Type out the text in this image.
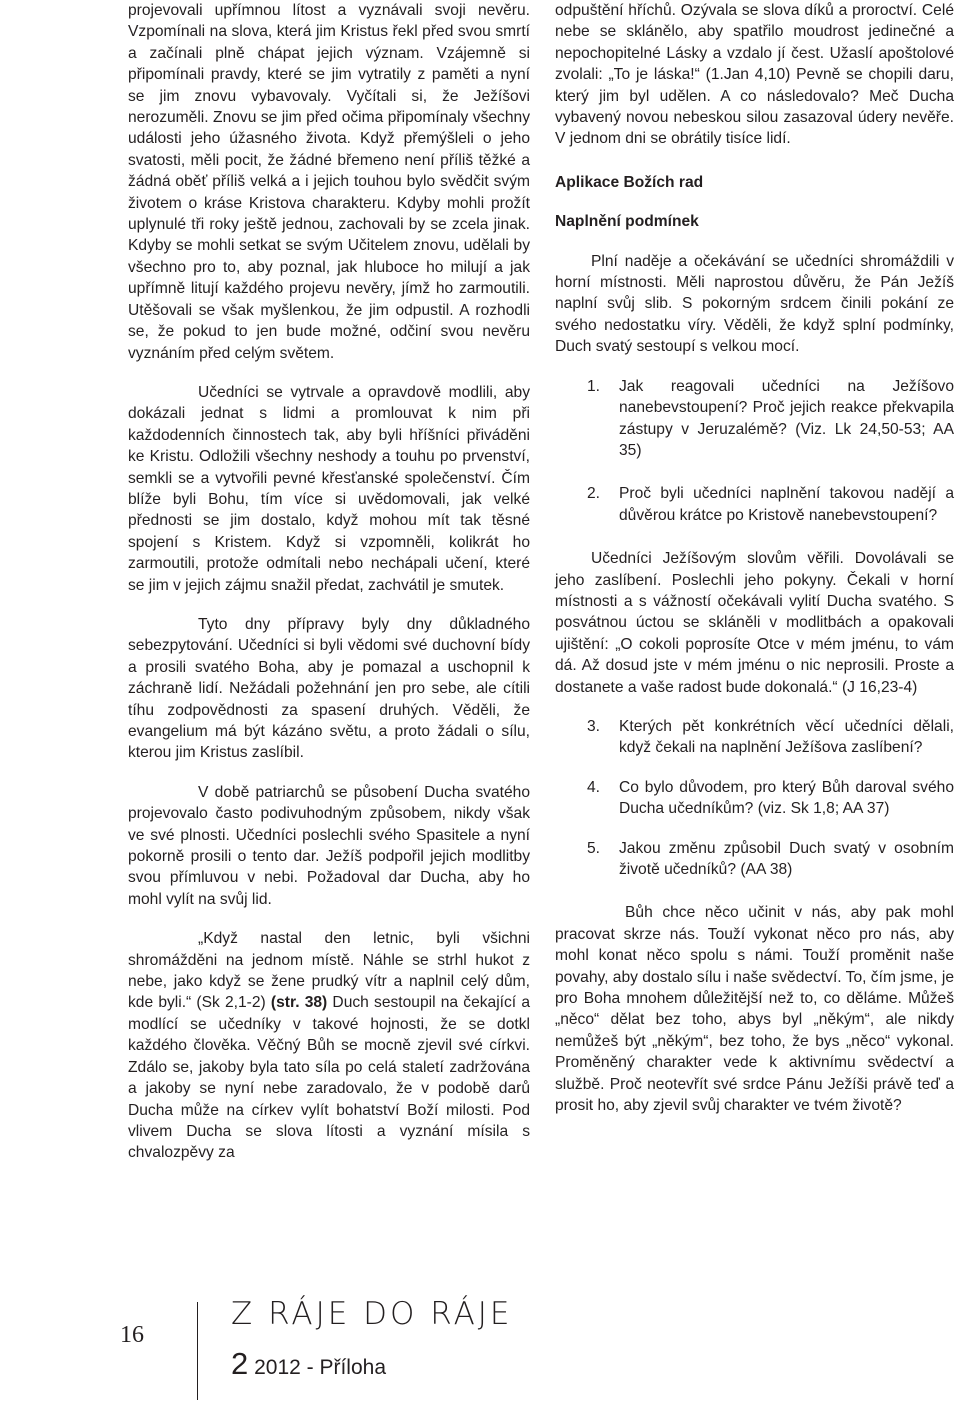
projevovali upřímnou lítost a vyznávali svoji nevěru. Vzpomínali na slova, která jim Kristus řekl před svou smrtí a začínali plně chápat jejich význam. Vzájemně si připomínali pravdy, které se jim vytratily z paměti a nyní se jim znovu vybavovaly. Vyčítali si, že Ježíšovi nerozuměli. Znovu se jim před očima připomínaly všechny události jeho úžasného života. Když přemýšleli o jeho svatosti, měli pocit, že žádné břemeno není příliš těžké a žádná oběť příliš velká a i jejich touhou bylo svědčit svým životem o kráse Kristova charakteru. Kdyby mohli prožít uplynulé tři roky ještě jednou, zachovali by se zcela jinak. Kdyby se mohli setkat se svým Učitelem znovu, udělali by všechno pro to, aby poznal, jak hluboce ho milují a jak upřímně litují každého projevu nevěry, jímž ho zarmoutili. Utěšovali se však myšlenkou, že jim odpustil. A rozhodli se, že pokud to jen bude možné, odčiní svou nevěru vyznáním před celým světem.

Učedníci se vytrvale a opravdově modlili, aby dokázali jednat s lidmi a promlouvat k nim při každodenních činnostech tak, aby byli hříšníci přiváděni ke Kristu. Odložili všechny neshody a touhu po prvenství, semkli se a vytvořili pevné křesťanské společenství. Čím blíže byli Bohu, tím více si uvědomovali, jak velké přednosti se jim dostalo, když mohou mít tak těsné spojení s Kristem. Když si vzpomněli, kolikrát ho zarmoutili, protože odmítali nebo nechápali učení, které se jim v jejich zájmu snažil předat, zachvátil je smutek.

Tyto dny přípravy byly dny důkladného sebezpytování. Učedníci si byli vědomi své duchovní bídy a prosili svatého Boha, aby je pomazal a uschopnil k záchraně lidí. Nežádali požehnání jen pro sebe, ale cítili tíhu zodpovědnosti za spasení druhých. Věděli, že evangelium má být kázáno světu, a proto žádali o sílu, kterou jim Kristus zaslíbil.

V době patriarchů se působení Ducha svatého projevovalo často podivuhodným způsobem, nikdy však ve své plnosti. Učedníci poslechli svého Spasitele a nyní pokorně prosili o tento dar. Ježíš podpořil jejich modlitby svou přímluvou v nebi. Požadoval dar Ducha, aby ho mohl vylít na svůj lid.

„Když nastal den letnic, byli všichni shromážděni na jednom místě. Náhle se strhl hukot z nebe, jako když se žene prudký vítr a naplnil celý dům, kde byli.“ (Sk 2,1-2) (str. 38) Duch sestoupil na čekající a modlící se učedníky v takové hojnosti, že se dotkl každého člověka. Věčný Bůh se mocně zjevil své církvi. Zdálo se, jakoby byla tato síla po celá staletí zadržována a jakoby se nyní nebe zaradovalo, že v podobě darů Ducha může na církev vylít bohatství Boží milosti. Pod vlivem Ducha se slova lítosti a vyznání mísila s chvalozpěvy za

odpuštění hříchů. Ozývala se slova díků a proroctví. Celé nebe se sklánělo, aby spatřilo moudrost jedinečné a nepochopitelné Lásky a vzdalo jí čest. Užaslí apoštolové zvolali: „To je láska!“ (1.Jan 4,10) Pevně se chopili daru, který jim byl udělen. A co následovalo? Meč Ducha vybavený novou nebeskou silou zasazoval údery nevěře. V jednom dni se obrátily tisíce lidí.

Aplikace Božích rad

Naplnění podmínek

Plní naděje a očekávání se učedníci shromáždili v horní místnosti. Měli naprostou důvěru, že Pán Ježíš naplní svůj slib. S pokorným srdcem činili pokání ze svého nedostatku víry. Věděli, že když splní podmínky, Duch svatý sestoupí s velkou mocí.

1. Jak reagovali učedníci na Ježíšovo nanebevstoupení? Proč jejich reakce překvapila zástupy v Jeruzalémě? (Viz. Lk 24,50-53; AA 35)
2. Proč byli učedníci naplnění takovou nadějí a důvěrou krátce po Kristově nanebevstoupení?

Učedníci Ježíšovým slovům věřili. Dovolávali se jeho zaslíbení. Poslechli jeho pokyny. Čekali v horní místnosti a s vážností očekávali vylití Ducha svatého. S posvátnou úctou se skláněli v modlitbách a opakovali ujištění: „O cokoli poprosíte Otce v mém jménu, to vám dá. Až dosud jste v mém jménu o nic neprosili. Proste a dostanete a vaše radost bude dokonalá.“ (J 16,23-4)

3. Kterých pět konkrétních věcí učedníci dělali, když čekali na naplnění Ježíšova zaslíbení?
4. Co bylo důvodem, pro který Bůh daroval svého Ducha učedníkům? (viz. Sk 1,8; AA 37)
5. Jakou změnu způsobil Duch svatý v osobním životě učedníků? (AA 38)

Bůh chce něco učinit v nás, aby pak mohl pracovat skrze nás. Touží vykonat něco pro nás, aby mohl konat něco spolu s námi. Touží proměnit naše povahy, aby dostalo sílu i naše svědectví. To, čím jsme, je pro Boha mnohem důležitější než to, co děláme. Můžeš „něco“ dělat bez toho, abys byl „někým“, ale nikdy nemůžeš být „někým“, bez toho, že bys „něco“ vykonal. Proměněný charakter vede k aktivnímu svědectví a službě. Proč neotevřít své srdce Pánu Ježíši právě teď a prosit ho, aby zjevil svůj charakter ve tvém životě?

16
Z RÁJE DO RÁJE
2 2012 - Příloha
